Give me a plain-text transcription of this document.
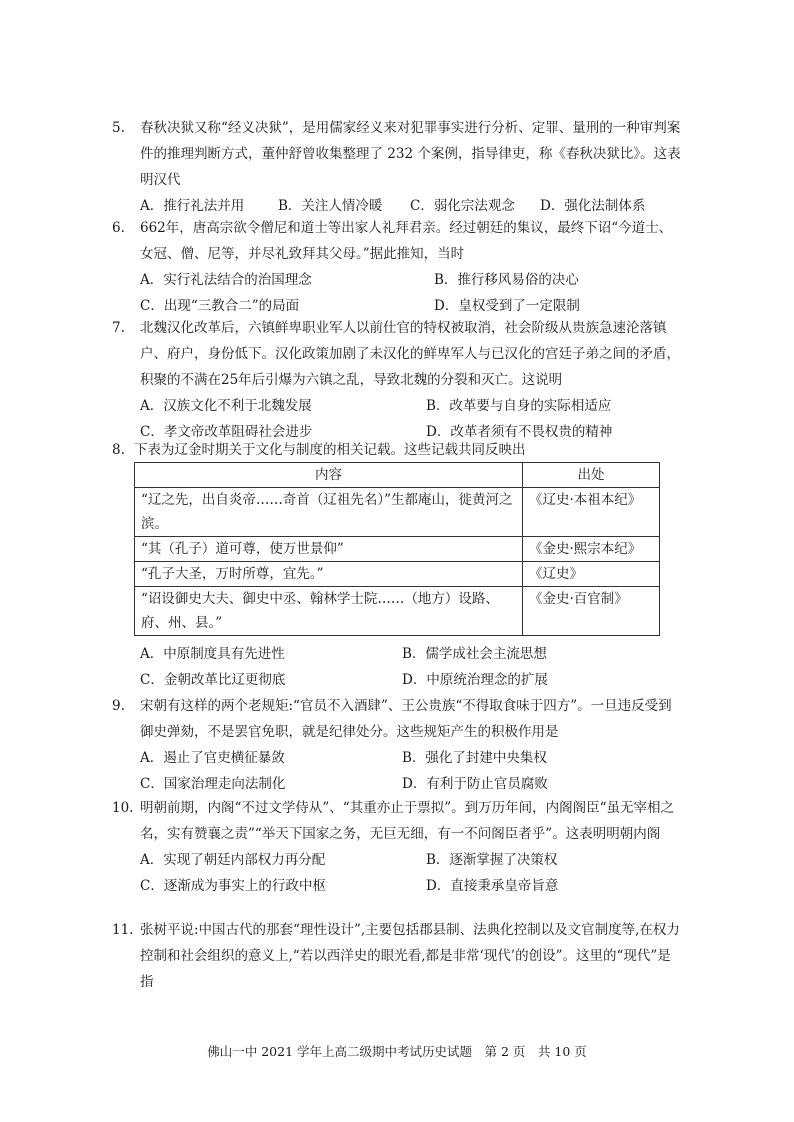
5. 春秋决狱又称“经义决狱”，是用儒家经义来对犯罪事实进行分析、定罪、量刑的一种审判案件的推理判断方式，董仲舒曾收集整理了 232 个案例，指导律吏，称《春秋决狱比》。这表明汉代
A．推行礼法并用	B．关注人情冷暖 C．弱化宗法观念 D．强化法制体系
6. 662年，唐高宗欲令僧尼和道士等出家人礼拜君亲。经过朝廷的集议，最终下诏“今道士、女冠、僧、尼等，并尽礼致拜其父母。”据此推知，当时
A．实行礼法结合的治国理念	B．推行移风易俗的决心
C．出现“三教合二”的局面	D．皇权受到了一定限制
7. 北魏汉化改革后，六镇鲜卑职业军人以前仕官的特权被取消，社会阶级从贵族急速沦落镇户、府户，身份低下。汉化政策加剧了未汉化的鲜卑军人与已汉化的宫廷子弟之间的矛盾，积聚的不满在25年后引爆为六镇之乱，导致北魏的分裂和灭亡。这说明
A．汉族文化不利于北魏发展	B．改革要与自身的实际相适应
C．孝文帝改革阻碍社会进步	D．改革者须有不畏权贵的精神
8. 下表为辽金时期关于文化与制度的相关记载。这些记载共同反映出
内容	出处
“辽之先，出自炎帝……奇首（辽祖先名）”生都庵山，徙黄河之滨。	《辽史·本祖本纪》
“其（孔子）道可尊，使万世景仰”	《金史·熙宗本纪》
“孔子大圣，万时所尊，宜先。”	《辽史》
“诏设御史大夫、御史中丞、翰林学士院……（地方）设路、府、州、县。”	《金史·百官制》
A．中原制度具有先进性	B．儒学成社会主流思想
C．金朝改革比辽更彻底	D．中原统治理念的扩展
9. 宋朝有这样的两个老规矩:“官员不入酒肆”、王公贵族“不得取食味于四方”。一旦违反受到御史弹劾，不是罢官免职，就是纪律处分。这些规矩产生的积极作用是
A．遏止了官吏横征暴敛	B．强化了封建中央集权
C．国家治理走向法制化	D．有利于防止官员腐败
10. 明朝前期，内阁“不过文学侍从”、“其重亦止于票拟”。到万历年间，内阁阁臣“虽无宰相之名，实有赞襄之责”“举天下国家之务，无巨无细，有一不问阁臣者乎”。这表明明朝内阁
A．实现了朝廷内部权力再分配	B．逐渐掌握了决策权
C．逐渐成为事实上的行政中枢	D．直接秉承皇帝旨意
11. 张树平说:中国古代的那套“理性设计”,主要包括郡县制、法典化控制以及文官制度等,在权力控制和社会组织的意义上,“若以西洋史的眼光看,都是非常‘现代’的创设”。这里的“现代”是指
佛山一中 2021 学年上高二级期中考试历史试题　第 2 页　共 10 页
